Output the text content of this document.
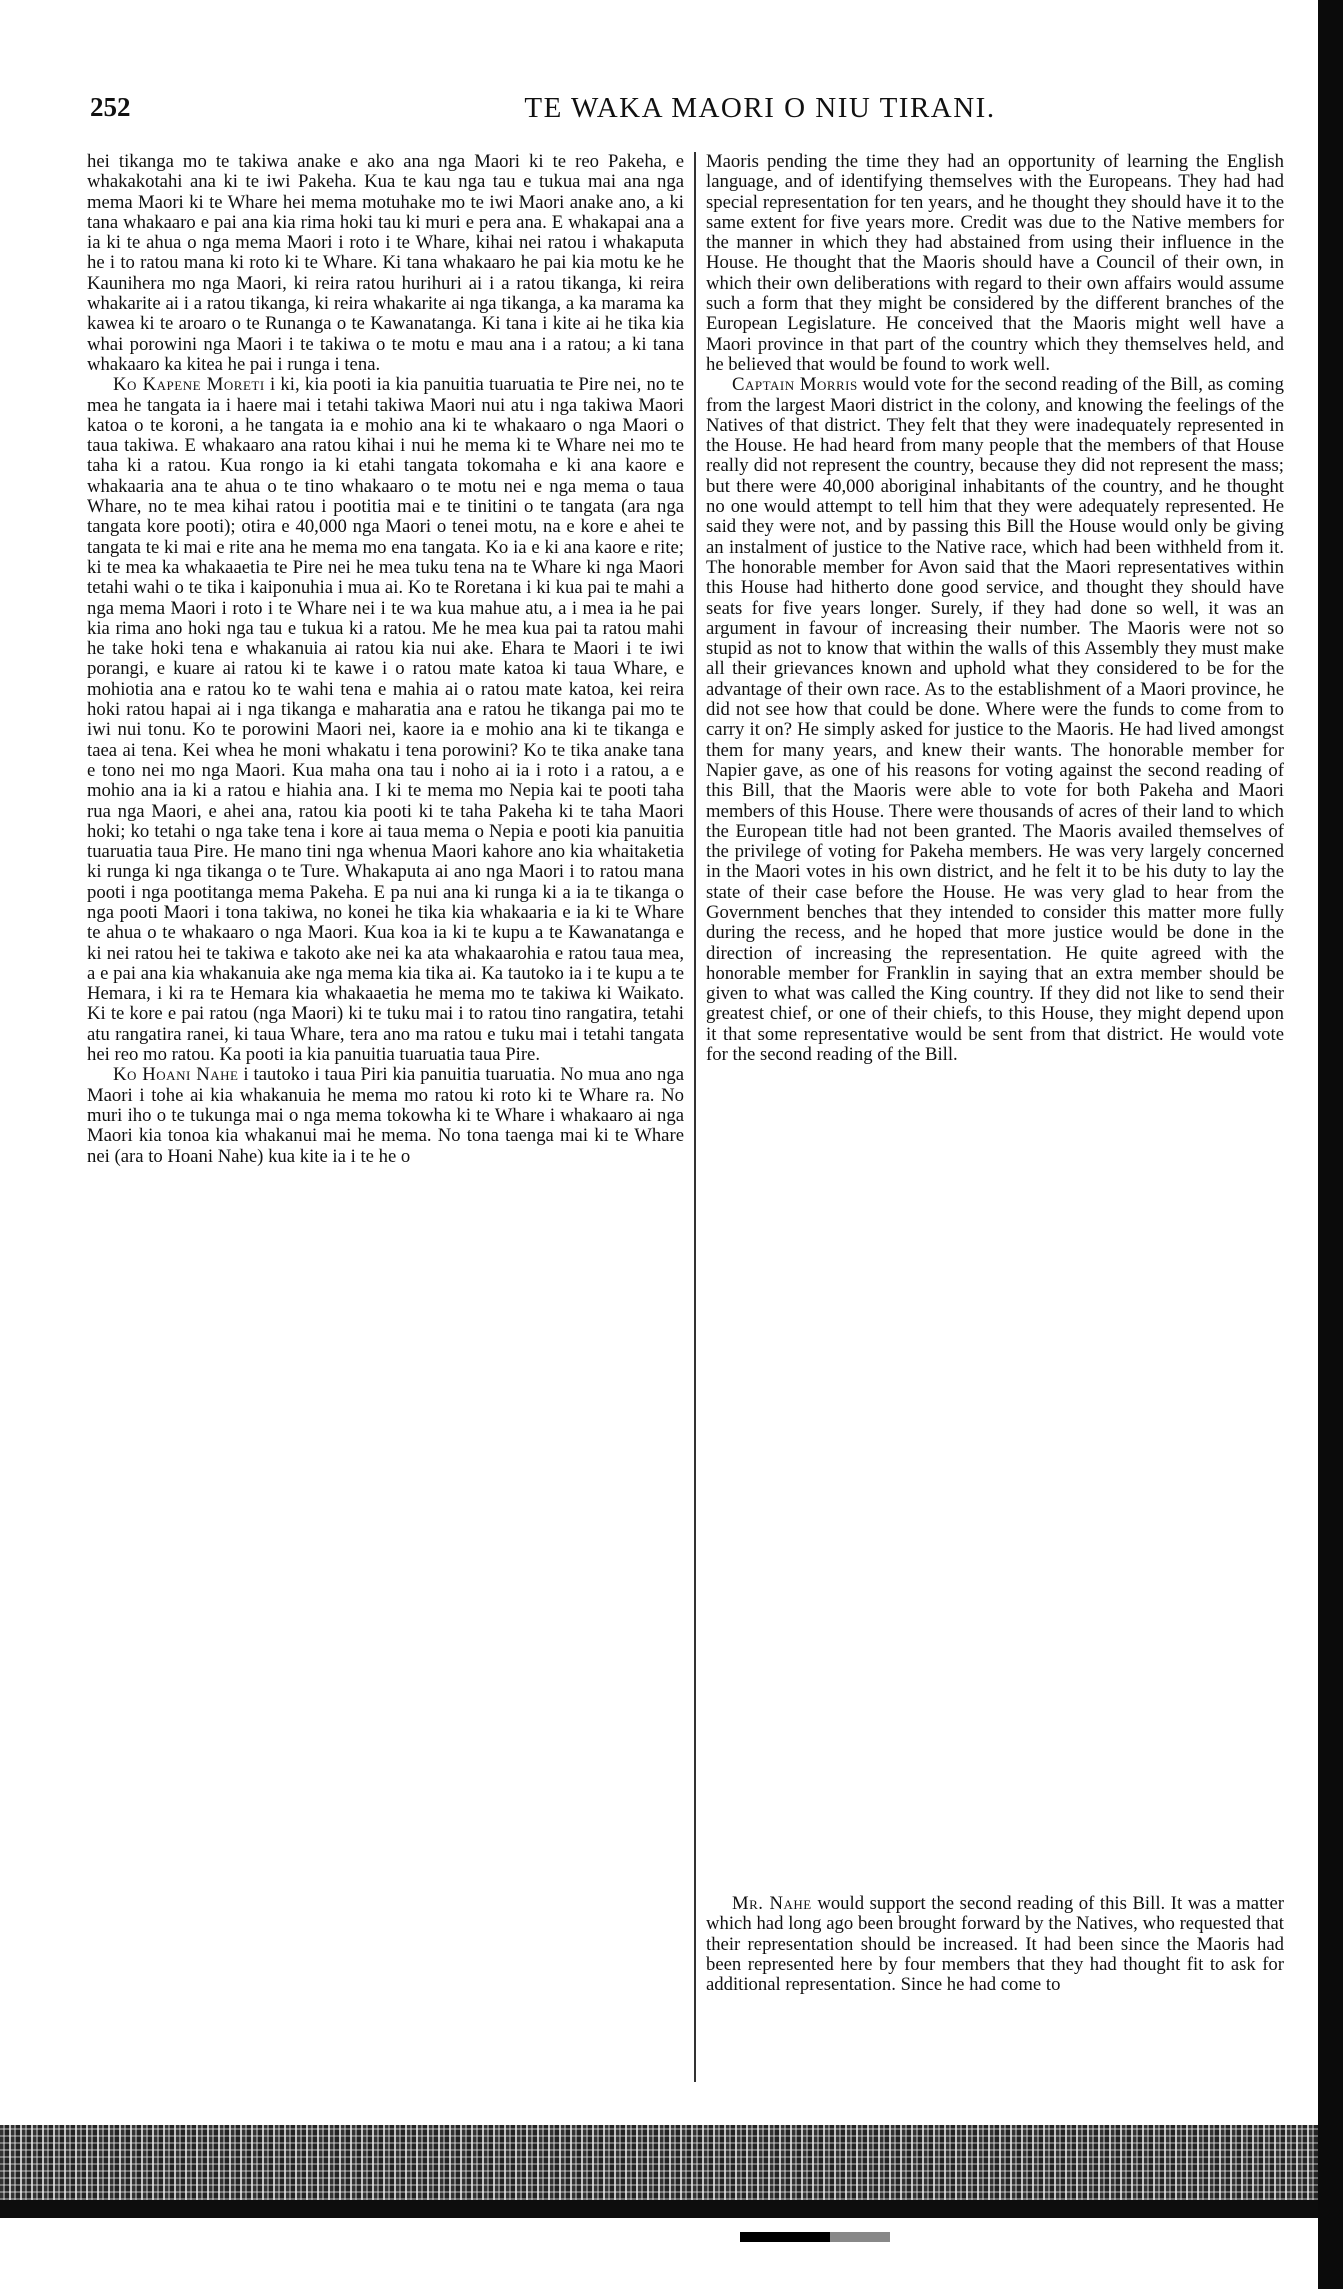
252	TE WAKA MAORI O NIU TIRANI.

hei tikanga mo te takiwa anake e ako ana nga Maori ki te reo Pakeha, e whakakotahi ana ki te iwi Pakeha. Kua te kau nga tau e tukua mai ana nga mema Maori ki te Whare hei mema motuhake mo te iwi Maori anake ano, a ki tana whakaaro e pai ana kia rima hoki tau ki muri e pera ana. E whakapai ana a ia ki te ahua o nga mema Maori i roto i te Whare, kihai nei ratou i whakaputa he i to ratou mana ki roto ki te Whare. Ki tana whakaaro he pai kia motu ke he Kaunihera mo nga Maori, ki reira ratou hurihuri ai i a ratou tikanga, ki reira whakarite ai i a ratou tikanga, ki reira whakarite ai nga tikanga, a ka marama ka kawea ki te aroaro o te Runanga o te Kawanatanga. Ki tana i kite ai he tika kia whai porowini nga Maori i te takiwa o te motu e mau ana i a ratou; a ki tana whakaaro ka kitea he pai i runga i tena.

Ko Kapene Moreti i ki, kia pooti ia kia panuitia tuaruatia te Pire nei, no te mea he tangata ia i haere mai i tetahi takiwa Maori nui atu i nga takiwa Maori katoa o te koroni, a he tangata ia e mohio ana ki te whakaaro o nga Maori o taua takiwa. E whakaaro ana ratou kihai i nui he mema ki te Whare nei mo te taha ki a ratou. Kua rongo ia ki etahi tangata tokomaha e ki ana kaore e whakaaria ana te ahua o te tino whakaaro o te motu nei e nga mema o taua Whare, no te mea kihai ratou i pootitia mai e te tinitini o te tangata (ara nga tangata kore pooti); otira e 40,000 nga Maori o tenei motu, na e kore e ahei te tangata te ki mai e rite ana he mema mo ena tangata. Ko ia e ki ana kaore e rite; ki te mea ka whakaaetia te Pire nei he mea tuku tena na te Whare ki nga Maori tetahi wahi o te tika i kaiponuhia i mua ai. Ko te Roretana i ki kua pai te mahi a nga mema Maori i roto i te Whare nei i te wa kua mahue atu, a i mea ia he pai kia rima ano hoki nga tau e tukua ki a ratou. Me he mea kua pai ta ratou mahi he take hoki tena e whakanuia ai ratou kia nui ake. Ehara te Maori i te iwi porangi, e kuare ai ratou ki te kawe i o ratou mate katoa ki taua Whare, e mohiotia ana e ratou ko te wahi tena e mahia ai o ratou mate katoa, kei reira hoki ratou hapai ai i nga tikanga e maharatia ana e ratou he tikanga pai mo te iwi nui tonu. Ko te porowini Maori nei, kaore ia e mohio ana ki te tikanga e taea ai tena. Kei whea he moni whakatu i tena porowini? Ko te tika anake tana e tono nei mo nga Maori. Kua maha ona tau i noho ai ia i roto i a ratou, a e mohio ana ia ki a ratou e hiahia ana. I ki te mema mo Nepia kai te pooti taha rua nga Maori, e ahei ana, ratou kia pooti ki te taha Pakeha ki te taha Maori hoki; ko tetahi o nga take tena i kore ai taua mema o Nepia e pooti kia panuitia tuaruatia taua Pire. He mano tini nga whenua Maori kahore ano kia whaitaketia ki runga ki nga tikanga o te Ture. Whakaputa ai ano nga Maori i to ratou mana pooti i nga pootitanga mema Pakeha. E pa nui ana ki runga ki a ia te tikanga o nga pooti Maori i tona takiwa, no konei he tika kia whakaaria e ia ki te Whare te ahua o te whakaaro o nga Maori. Kua koa ia ki te kupu a te Kawanatanga e ki nei ratou hei te takiwa e takoto ake nei ka ata whakaarohia e ratou taua mea, a e pai ana kia whakanuia ake nga mema kia tika ai. Ka tautoko ia i te kupu a te Hemara, i ki ra te Hemara kia whakaaetia he mema mo te takiwa ki Waikato. Ki te kore e pai ratou (nga Maori) ki te tuku mai i to ratou tino rangatira, tetahi atu rangatira ranei, ki taua Whare, tera ano ma ratou e tuku mai i tetahi tangata hei reo mo ratou. Ka pooti ia kia panuitia tuaruatia taua Pire.

Ko Hoani Nahe i tautoko i taua Piri kia panuitia tuaruatia. No mua ano nga Maori i tohe ai kia whakanuia he mema mo ratou ki roto ki te Whare ra. No muri iho o te tukunga mai o nga mema tokowha ki te Whare i whakaaro ai nga Maori kia tonoa kia whakanui mai he mema. No tona taenga mai ki te Whare nei (ara to Hoani Nahe) kua kite ia i te he o

Maoris pending the time they had an opportunity of learning the English language, and of identifying themselves with the Europeans. They had had special representation for ten years, and he thought they should have it to the same extent for five years more. Credit was due to the Native members for the manner in which they had abstained from using their influence in the House. He thought that the Maoris should have a Council of their own, in which their own deliberations with regard to their own affairs would assume such a form that they might be considered by the different branches of the European Legislature. He conceived that the Maoris might well have a Maori province in that part of the country which they themselves held, and he believed that would be found to work well.

Captain Morris would vote for the second reading of the Bill, as coming from the largest Maori district in the colony, and knowing the feelings of the Natives of that district. They felt that they were inadequately represented in the House. He had heard from many people that the members of that House really did not represent the country, because they did not represent the mass; but there were 40,000 aboriginal inhabitants of the country, and he thought no one would attempt to tell him that they were adequately represented. He said they were not, and by passing this Bill the House would only be giving an instalment of justice to the Native race, which had been withheld from it. The honorable member for Avon said that the Maori representatives within this House had hitherto done good service, and thought they should have seats for five years longer. Surely, if they had done so well, it was an argument in favour of increasing their number. The Maoris were not so stupid as not to know that within the walls of this Assembly they must make all their grievances known and uphold what they considered to be for the advantage of their own race. As to the establishment of a Maori province, he did not see how that could be done. Where were the funds to come from to carry it on? He simply asked for justice to the Maoris. He had lived amongst them for many years, and knew their wants. The honorable member for Napier gave, as one of his reasons for voting against the second reading of this Bill, that the Maoris were able to vote for both Pakeha and Maori members of this House. There were thousands of acres of their land to which the European title had not been granted. The Maoris availed themselves of the privilege of voting for Pakeha members. He was very largely concerned in the Maori votes in his own district, and he felt it to be his duty to lay the state of their case before the House. He was very glad to hear from the Government benches that they intended to consider this matter more fully during the recess, and he hoped that more justice would be done in the direction of increasing the representation. He quite agreed with the honorable member for Franklin in saying that an extra member should be given to what was called the King country. If they did not like to send their greatest chief, or one of their chiefs, to this House, they might depend upon it that some representative would be sent from that district. He would vote for the second reading of the Bill.

Mr. Nahe would support the second reading of this Bill. It was a matter which had long ago been brought forward by the Natives, who requested that their representation should be increased. It had been since the Maoris had been represented here by four members that they had thought fit to ask for additional representation. Since he had come to
